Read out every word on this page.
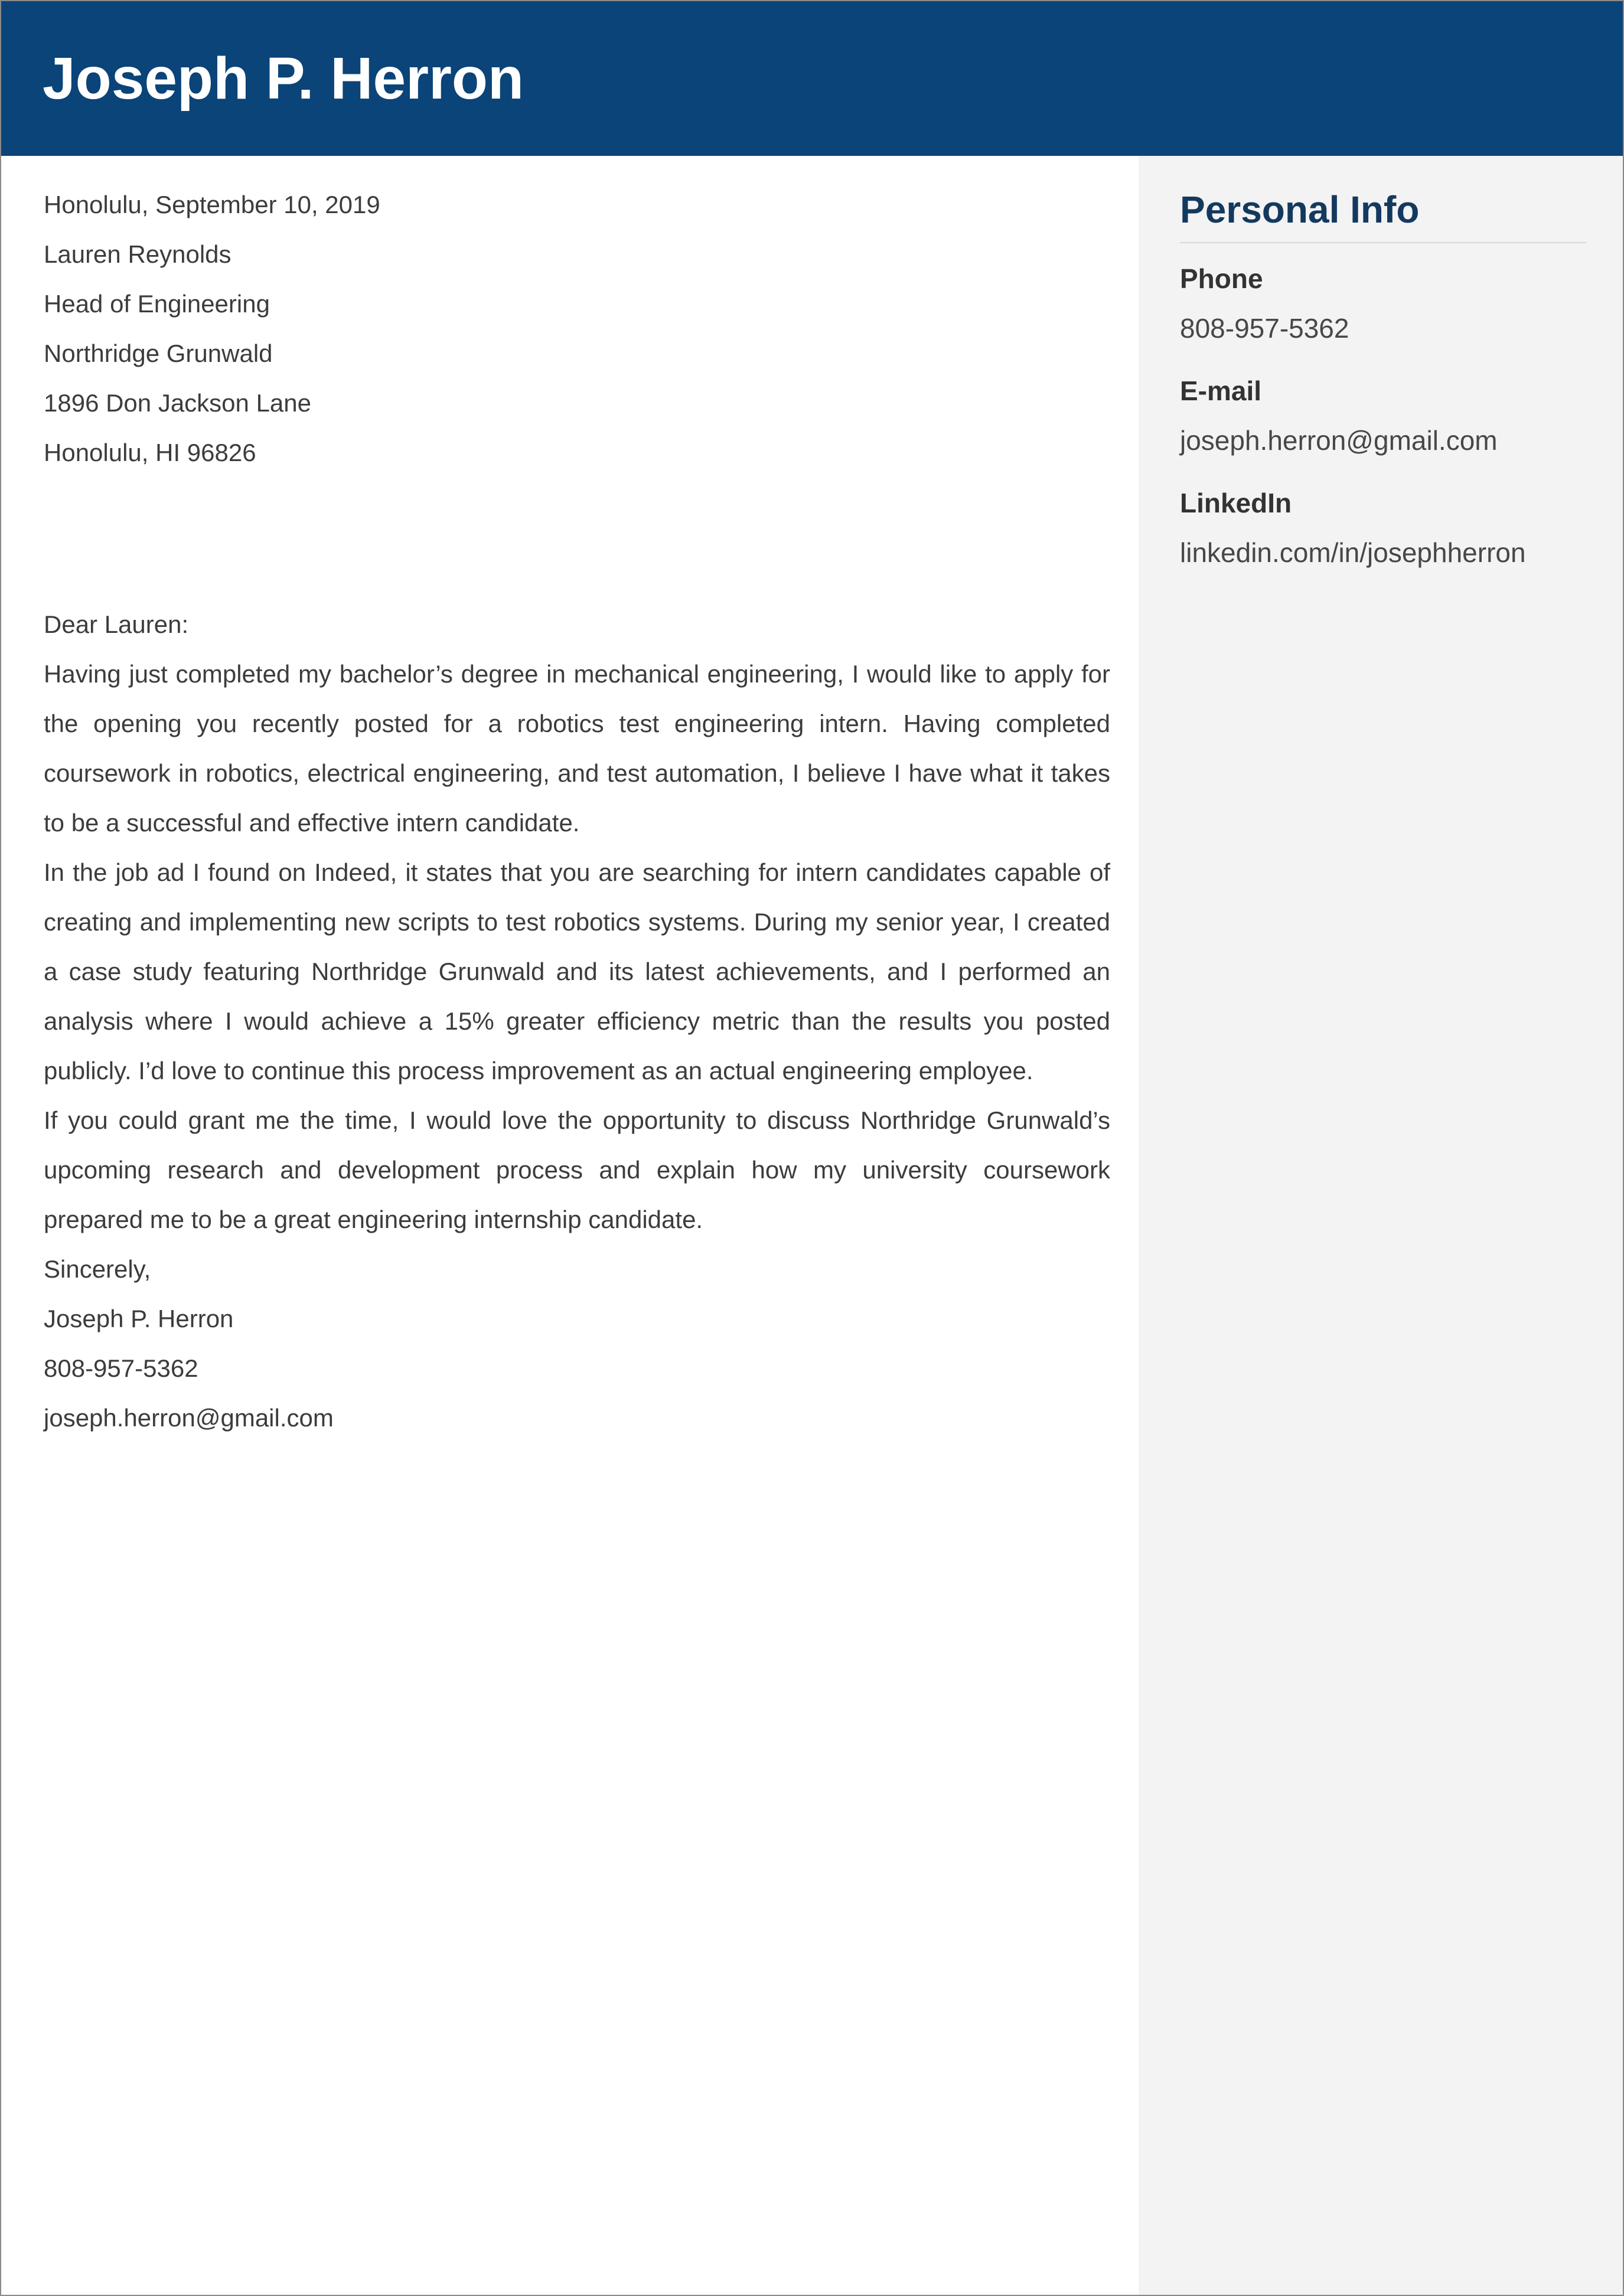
Joseph P. Herron

Honolulu, September 10, 2019

Lauren Reynolds
Head of Engineering
Northridge Grunwald
1896 Don Jackson Lane
Honolulu, HI 96826

Dear Lauren:

Having just completed my bachelor’s degree in mechanical engineering, I would like to apply for the opening you recently posted for a robotics test engineering intern. Having completed coursework in robotics, electrical engineering, and test automation, I believe I have what it takes to be a successful and effective intern candidate.

In the job ad I found on Indeed, it states that you are searching for intern candidates capable of creating and implementing new scripts to test robotics systems. During my senior year, I created a case study featuring Northridge Grunwald and its latest achievements, and I performed an analysis where I would achieve a 15% greater efficiency metric than the results you posted publicly. I’d love to continue this process improvement as an actual engineering employee.

If you could grant me the time, I would love the opportunity to discuss Northridge Grunwald’s upcoming research and development process and explain how my university coursework prepared me to be a great engineering internship candidate.

Sincerely,

Joseph P. Herron
808-957-5362
joseph.herron@gmail.com
Personal Info
Phone
808-957-5362
E-mail
joseph.herron@gmail.com
LinkedIn
linkedin.com/in/josephherron
